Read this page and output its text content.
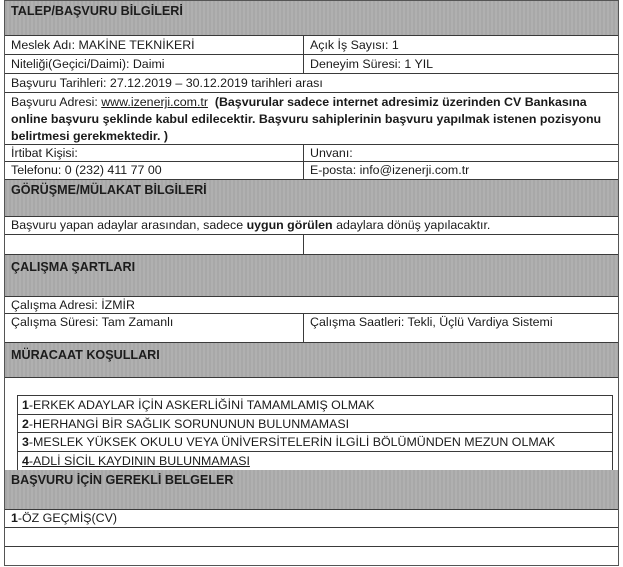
TALEP/BAŞVURU BİLGİLERİ
Meslek Adı: MAKİNE TEKNİKERİ	Açık İş Sayısı: 1
Niteliği(Geçici/Daimi): Daimi	Deneyim Süresi: 1 YIL
Başvuru Tarihleri: 27.12.2019 – 30.12.2019 tarihleri arası
Başvuru Adresi: www.izenerji.com.tr (Başvurular sadece internet adresimiz üzerinden CV Bankasına online başvuru şeklinde kabul edilecektir. Başvuru sahiplerinin başvuru yapılmak istenen pozisyonu belirtmesi gerekmektedir. )
İrtibat Kişisi:	Unvanı:
Telefonu: 0 (232) 411 77 00	E-posta: info@izenerji.com.tr
GÖRÜŞME/MÜLAKAT BİLGİLERİ
Başvuru yapan adaylar arasından, sadece uygun görülen adaylara dönüş yapılacaktır.
ÇALIŞMA ŞARTLARI
Çalışma Adresi: İZMİR
Çalışma Süresi: Tam Zamanlı	Çalışma Saatleri: Tekli, Üçlü Vardiya Sistemi
MÜRACAAT KOŞULLARI
1-ERKEK ADAYLAR İÇİN ASKERLİĞİNİ TAMAMLAMIŞ OLMAK
2-HERHANGİ BİR SAĞLIK SORUNUNUN BULUNMAMASI
3-MESLEK YÜKSEK OKULU VEYA ÜNİVERSİTELERİN İLGİLİ BÖLÜMÜNDEN MEZUN OLMAK
4-ADLİ SİCİL KAYDININ BULUNMAMASI
BAŞVURU İÇİN GEREKLİ BELGELER
1-ÖZ GEÇMİŞ(CV)
